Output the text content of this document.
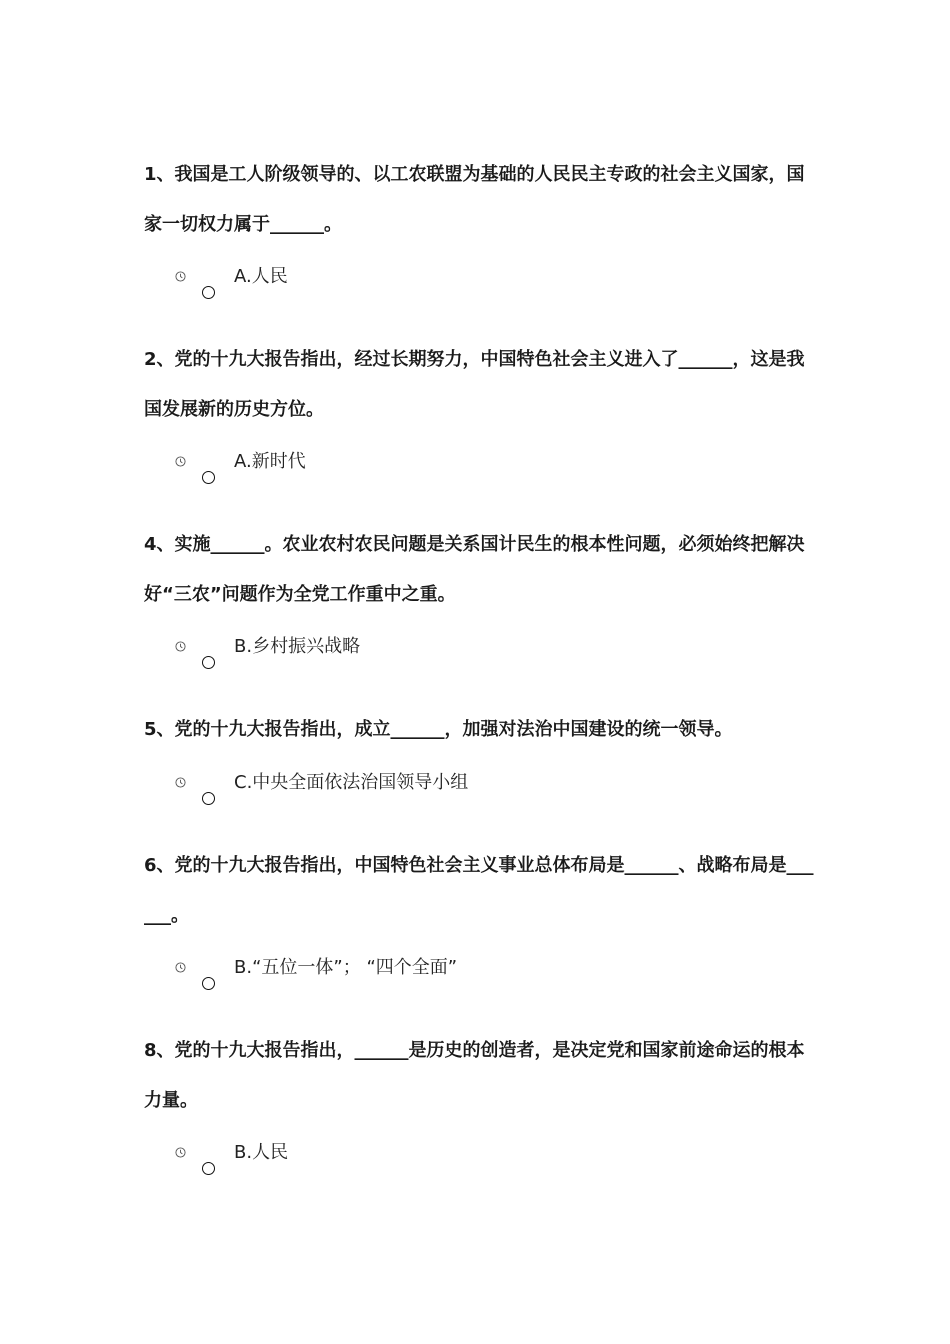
1、我国是工人阶级领导的、以工农联盟为基础的人民民主专政的社会主义国家，国家一切权力属于______。
A.人民
2、党的十九大报告指出，经过长期努力，中国特色社会主义进入了______，这是我国发展新的历史方位。
A.新时代
4、实施______。农业农村农民问题是关系国计民生的根本性问题，必须始终把解决好“三农”问题作为全党工作重中之重。
B.乡村振兴战略
5、党的十九大报告指出，成立______，加强对法治中国建设的统一领导。
C.中央全面依法治国领导小组
6、党的十九大报告指出，中国特色社会主义事业总体布局是______、战略布局是______。
B.“五位一体”； “四个全面”
8、党的十九大报告指出，______是历史的创造者，是决定党和国家前途命运的根本力量。
B.人民
